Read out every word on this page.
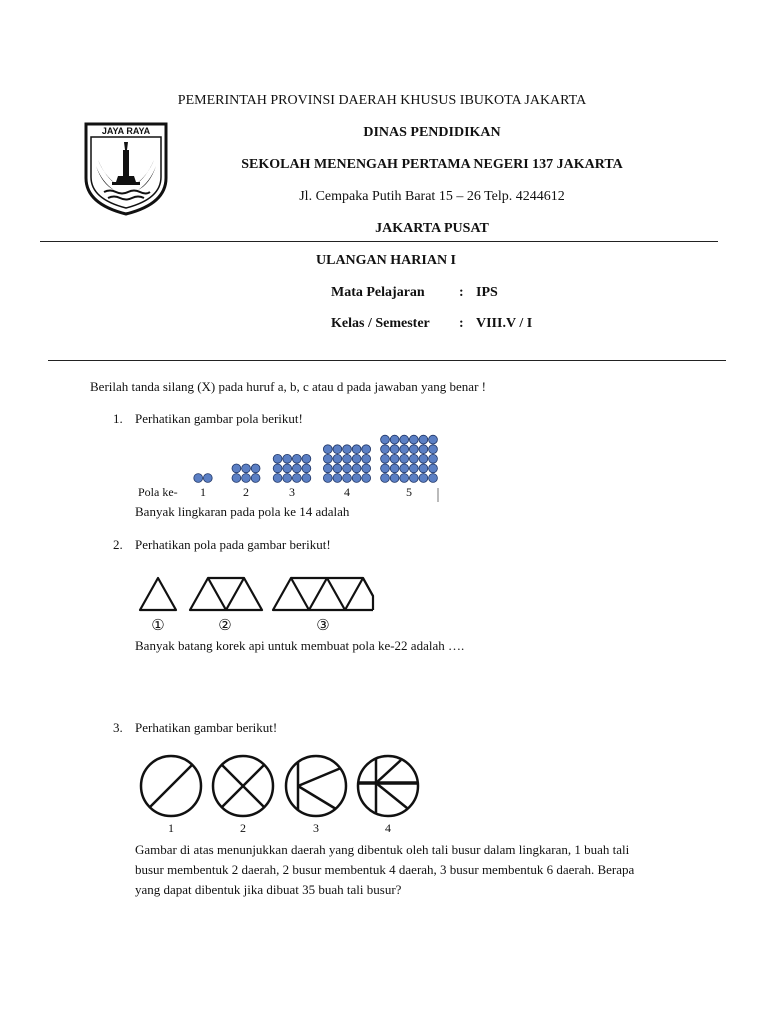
JAYA RAYA
PEMERINTAH PROVINSI DAERAH KHUSUS IBUKOTA JAKARTA
DINAS PENDIDIKAN
SEKOLAH MENENGAH PERTAMA NEGERI 137 JAKARTA
Jl. Cempaka Putih Barat 15 – 26 Telp. 4244612
JAKARTA PUSAT
ULANGAN HARIAN I
Mata Pelajaran : IPS
Kelas / Semester : VIII.V / I
Berilah tanda silang (X) pada huruf a, b, c atau d pada jawaban yang benar !
1. Perhatikan gambar pola berikut!
Pola ke- 1	2	3	4	5
Banyak lingkaran pada pola ke 14 adalah
2. Perhatikan pola pada gambar berikut!
①	②	③
Banyak batang korek api untuk membuat pola ke-22 adalah ….
3. Perhatikan gambar berikut!
1	2	3	4
Gambar di atas menunjukkan daerah yang dibentuk oleh tali busur dalam lingkaran, 1 buah tali
busur membentuk 2 daerah, 2 busur membentuk 4 daerah, 3 busur membentuk 6 daerah. Berapa
yang dapat dibentuk jika dibuat 35 buah tali busur?
